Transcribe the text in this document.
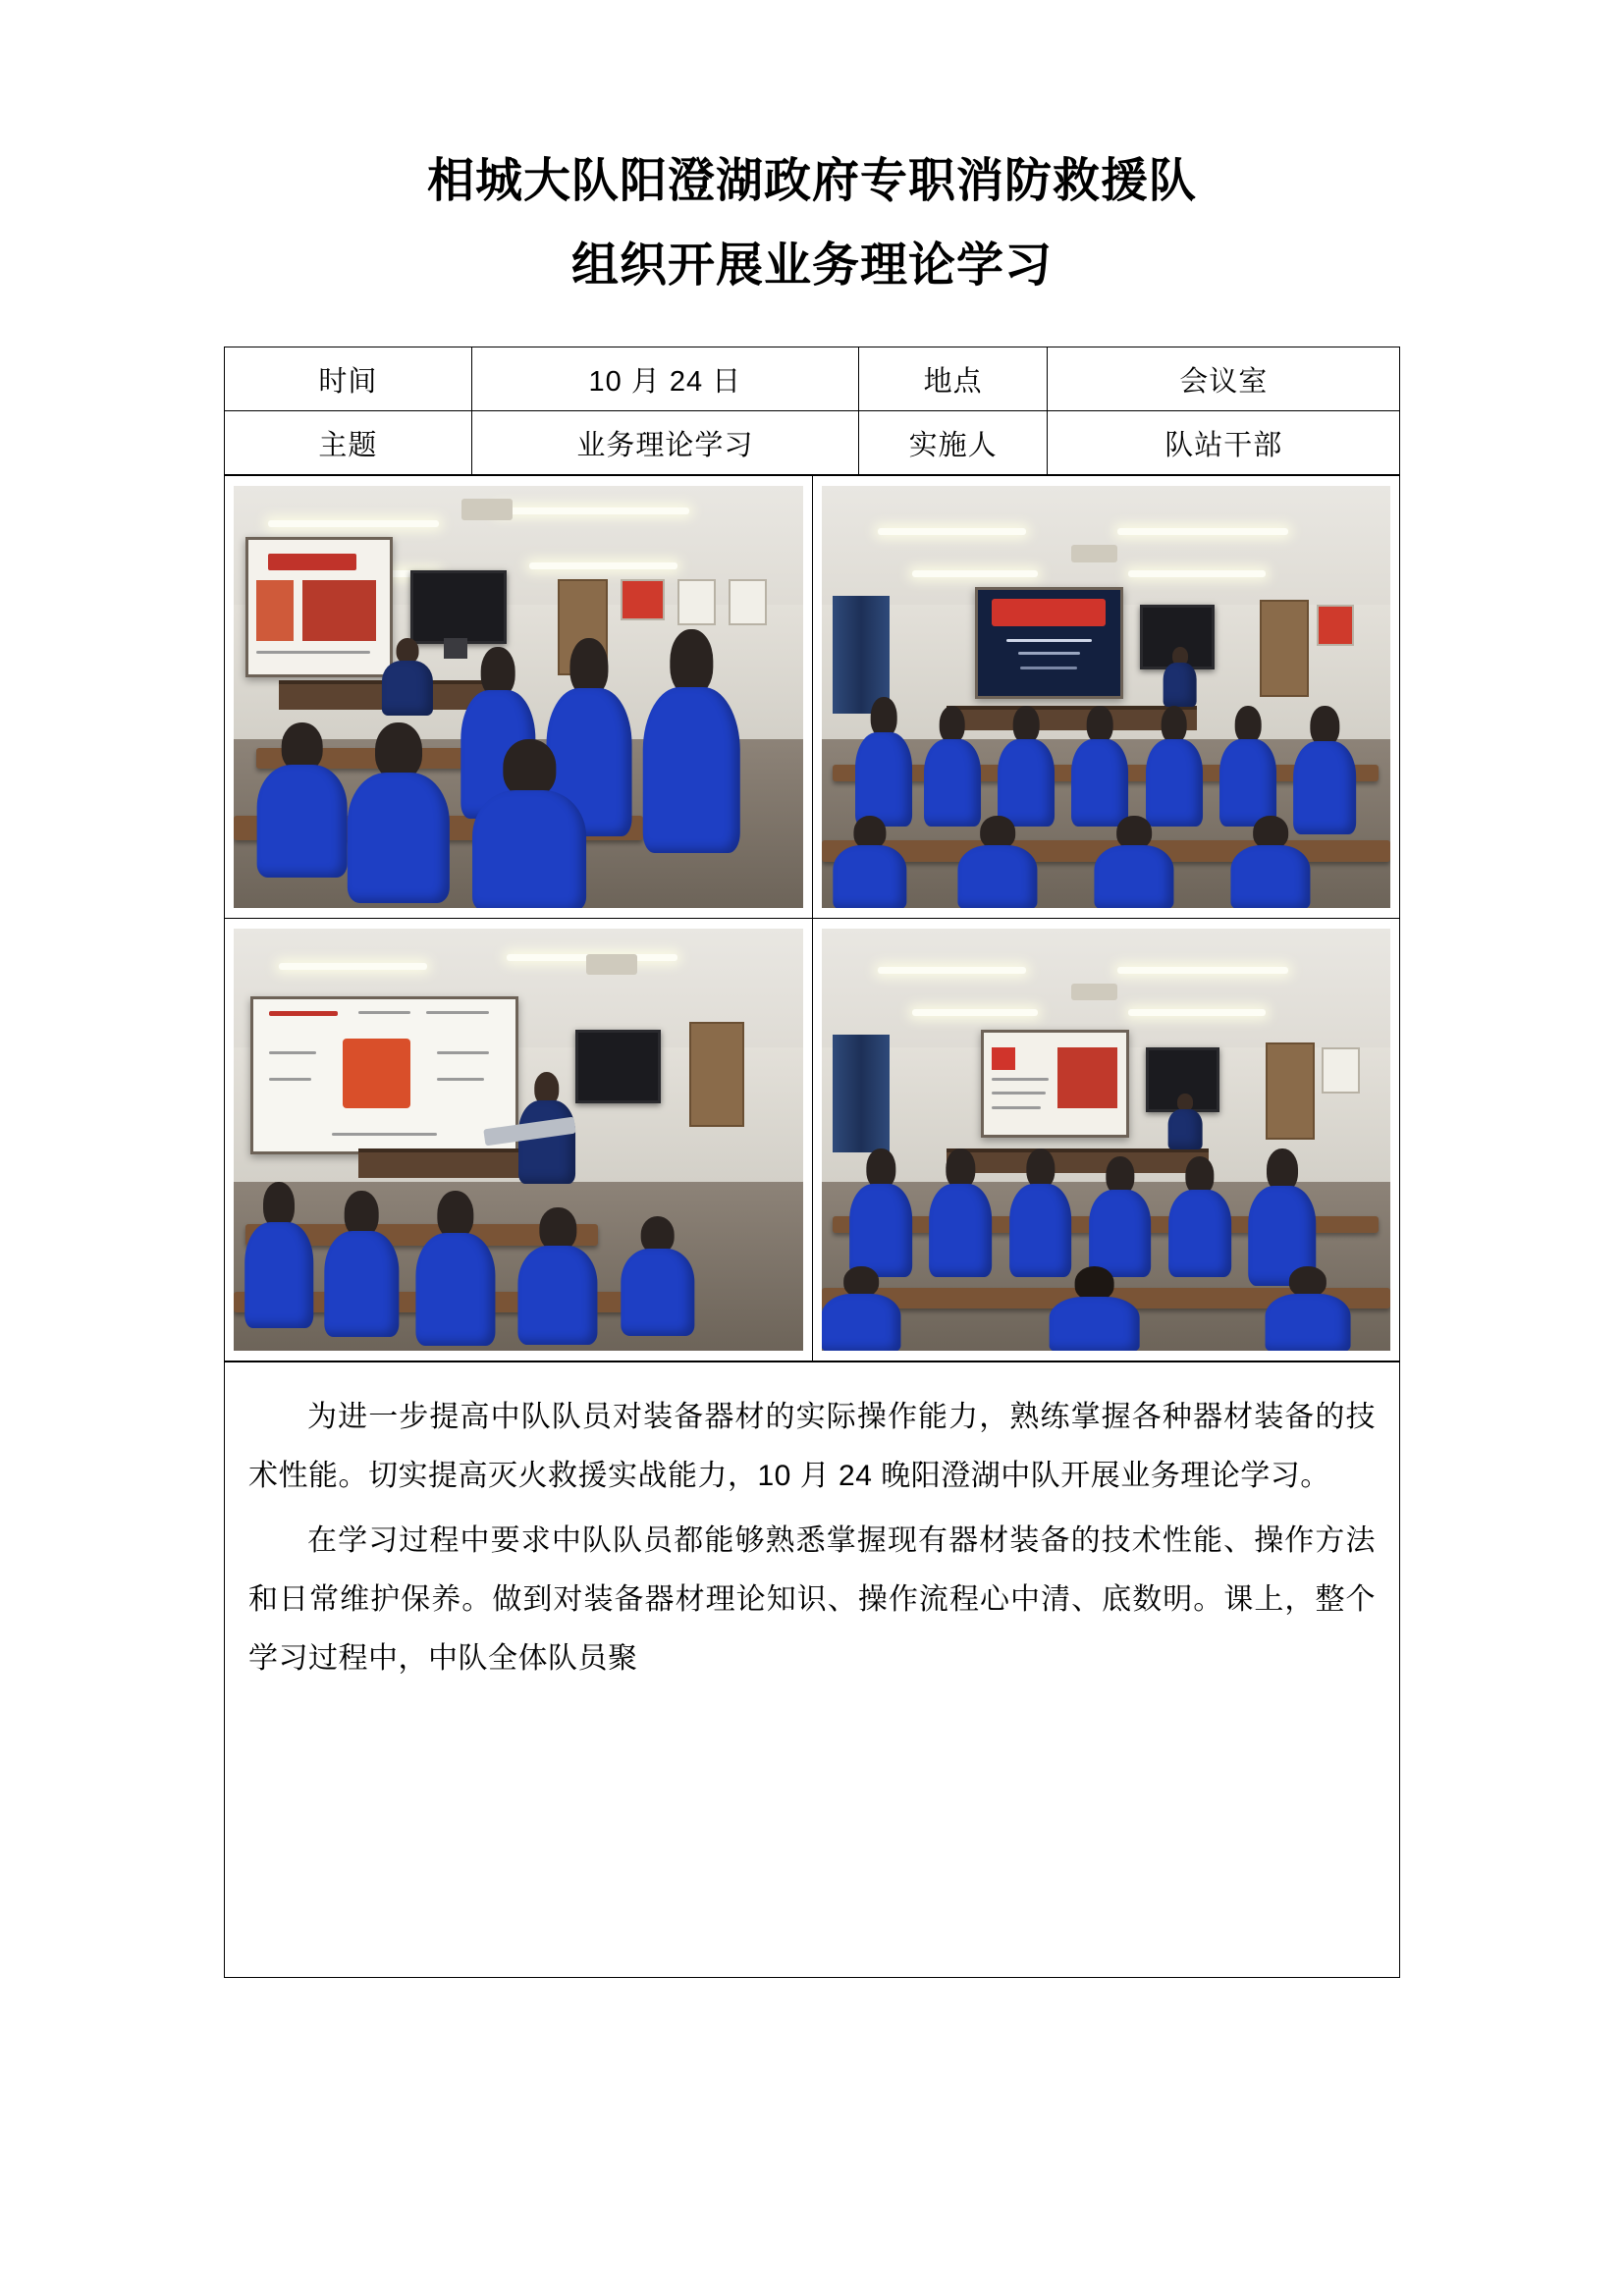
相城大队阳澄湖政府专职消防救援队
组织开展业务理论学习
时间	10 月 24 日	地点	会议室
主题	业务理论学习	实施人	队站干部

为进一步提高中队队员对装备器材的实际操作能力，熟练掌握各种器材装备的技术性能。切实提高灭火救援实战能力，10 月 24 晚阳澄湖中队开展业务理论学习。

在学习过程中要求中队队员都能够熟悉掌握现有器材装备的技术性能、操作方法和日常维护保养。做到对装备器材理论知识、操作流程心中清、底数明。课上，整个学习过程中，中队全体队员聚
